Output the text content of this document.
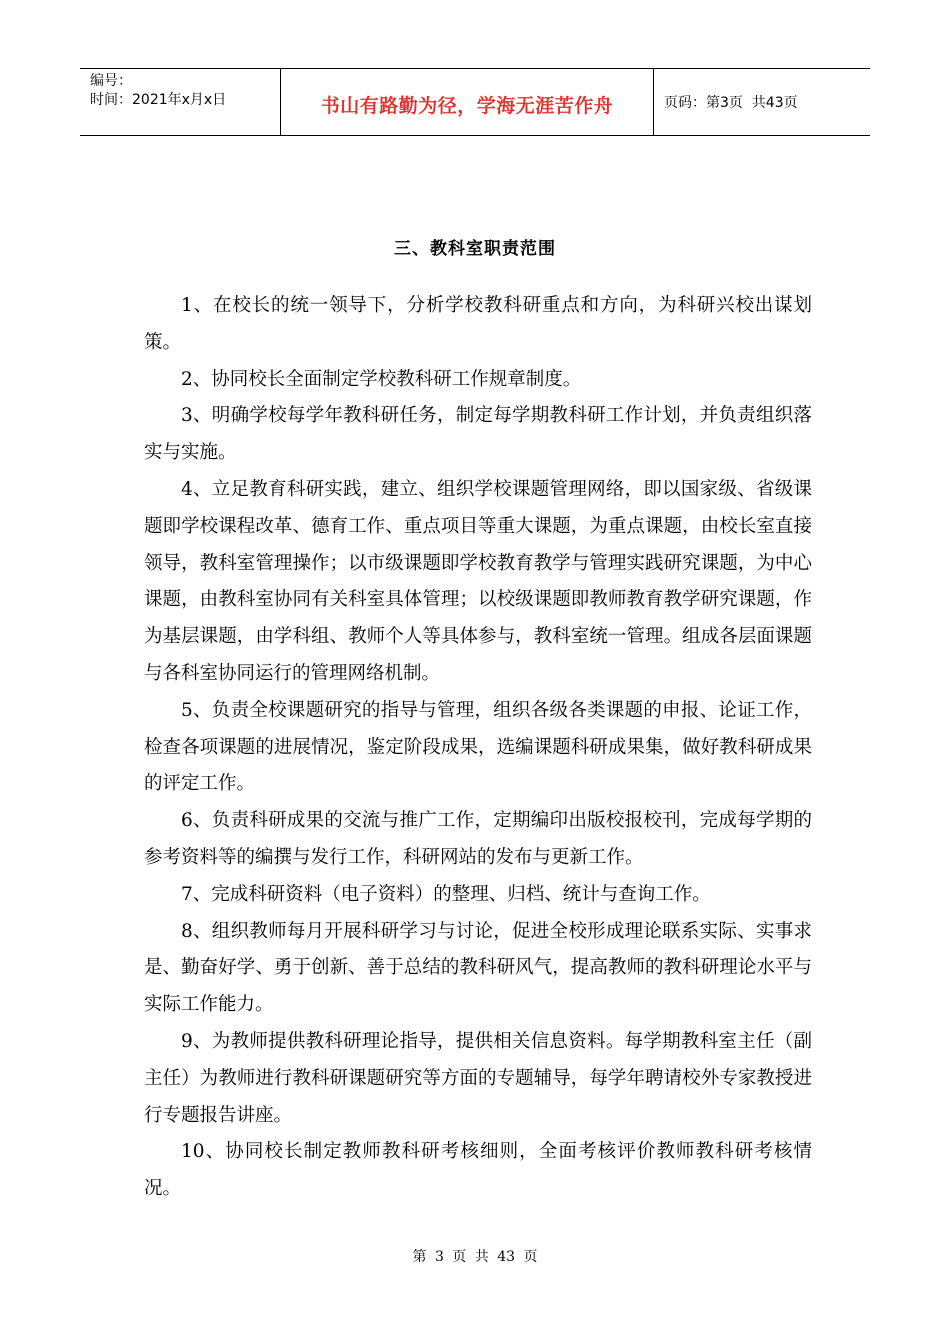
编号：
时间：2021年x月x日	书山有路勤为径，学海无涯苦作舟	页码：第3页  共43页
三、教科室职责范围

1、在校长的统一领导下，分析学校教科研重点和方向，为科研兴校出谋划策。

2、协同校长全面制定学校教科研工作规章制度。

3、明确学校每学年教科研任务，制定每学期教科研工作计划，并负责组织落实与实施。

4、立足教育科研实践，建立、组织学校课题管理网络，即以国家级、省级课题即学校课程改革、德育工作、重点项目等重大课题，为重点课题，由校长室直接领导，教科室管理操作；以市级课题即学校教育教学与管理实践研究课题，为中心课题，由教科室协同有关科室具体管理；以校级课题即教师教育教学研究课题，作为基层课题，由学科组、教师个人等具体参与，教科室统一管理。组成各层面课题与各科室协同运行的管理网络机制。

5、负责全校课题研究的指导与管理，组织各级各类课题的申报、论证工作，检查各项课题的进展情况，鉴定阶段成果，选编课题科研成果集，做好教科研成果的评定工作。

6、负责科研成果的交流与推广工作，定期编印出版校报校刊，完成每学期的参考资料等的编撰与发行工作，科研网站的发布与更新工作。

7、完成科研资料（电子资料）的整理、归档、统计与查询工作。

8、组织教师每月开展科研学习与讨论，促进全校形成理论联系实际、实事求是、勤奋好学、勇于创新、善于总结的教科研风气，提高教师的教科研理论水平与实际工作能力。

9、为教师提供教科研理论指导，提供相关信息资料。每学期教科室主任（副主任）为教师进行教科研课题研究等方面的专题辅导，每学年聘请校外专家教授进行专题报告讲座。

10、协同校长制定教师教科研考核细则，全面考核评价教师教科研考核情况。

第 3 页 共 43 页
